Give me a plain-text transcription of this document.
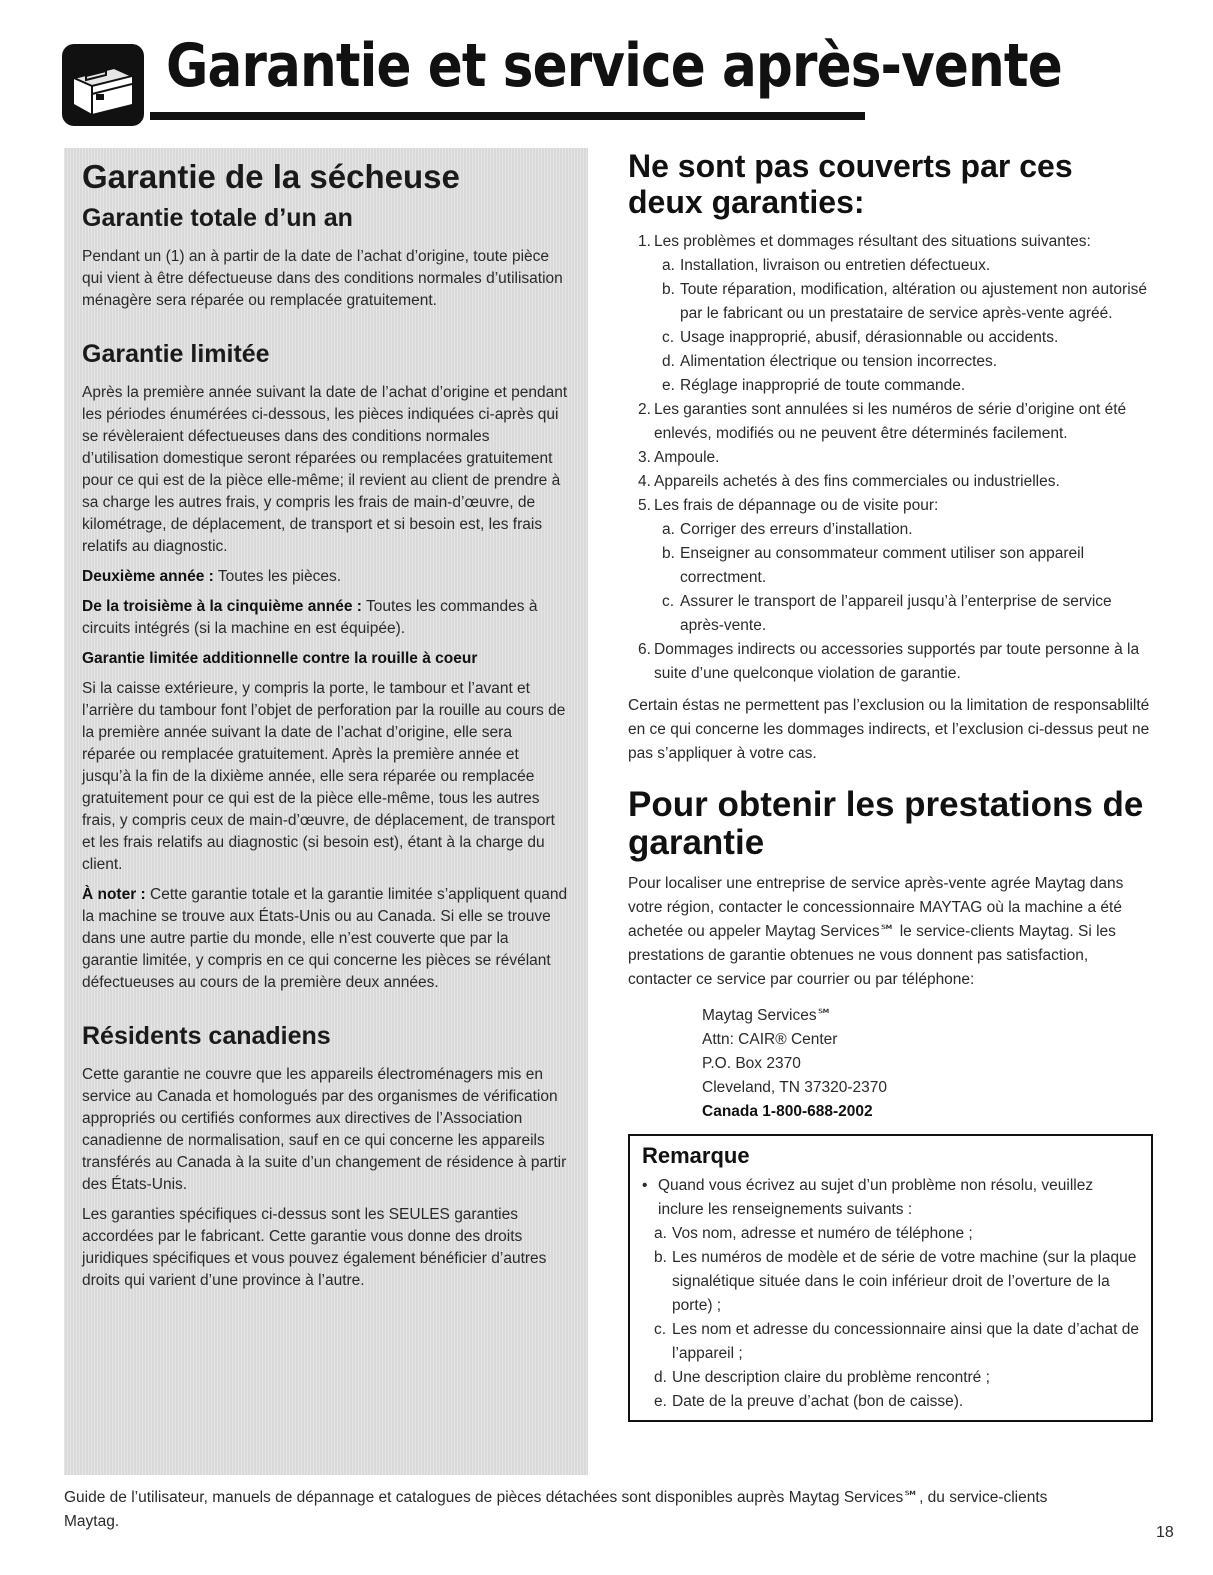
Garantie et service après-vente
Garantie de la sécheuse
Garantie totale d’un an

Pendant un (1) an à partir de la date de l’achat d’origine, toute pièce qui vient à être défectueuse dans des conditions normales d’utilisation ménagère sera réparée ou remplacée gratuitement.

Garantie limitée

Après la première année suivant la date de l’achat d’origine et pendant les périodes énumérées ci-dessous, les pièces indiquées ci-après qui se révèleraient défectueuses dans des conditions normales d’utilisation domestique seront réparées ou remplacées gratuitement pour ce qui est de la pièce elle-même; il revient au client de prendre à sa charge les autres frais, y compris les frais de main-d’œuvre, de kilométrage, de déplacement, de transport et si besoin est, les frais relatifs au diagnostic.

Deuxième année : Toutes les pièces.

De la troisième à la cinquième année : Toutes les commandes à circuits intégrés (si la machine en est équipée).

Garantie limitée additionnelle contre la rouille à coeur

Si la caisse extérieure, y compris la porte, le tambour et l’avant et l’arrière du tambour font l’objet de perforation par la rouille au cours de la première année suivant la date de l’achat d’origine, elle sera réparée ou remplacée gratuitement. Après la première année et jusqu’à la fin de la dixième année, elle sera réparée ou remplacée gratuitement pour ce qui est de la pièce elle-même, tous les autres frais, y compris ceux de main-d’œuvre, de déplacement, de transport et les frais relatifs au diagnostic (si besoin est), étant à la charge du client.

À noter : Cette garantie totale et la garantie limitée s’appliquent quand la machine se trouve aux États-Unis ou au Canada. Si elle se trouve dans une autre partie du monde, elle n’est couverte que par la garantie limitée, y compris en ce qui concerne les pièces se révélant défectueuses au cours de la première deux années.

Résidents canadiens

Cette garantie ne couvre que les appareils électroménagers mis en service au Canada et homologués par des organismes de vérification appropriés ou certifiés conformes aux directives de l’Association canadienne de normalisation, sauf en ce qui concerne les appareils transférés au Canada à la suite d’un changement de résidence à partir des États-Unis.

Les garanties spécifiques ci-dessus sont les SEULES garanties accordées par le fabricant. Cette garantie vous donne des droits juridiques spécifiques et vous pouvez également bénéficier d’autres droits qui varient d’une province à l’autre.

Ne sont pas couverts par ces deux garanties:
1. Les problèmes et dommages résultant des situations suivantes:
a. Installation, livraison ou entretien défectueux.
b. Toute réparation, modification, altération ou ajustement non autorisé par le fabricant ou un prestataire de service après-vente agréé.
c. Usage inapproprié, abusif, dérasionnable ou accidents.
d. Alimentation électrique ou tension incorrectes.
e. Réglage inapproprié de toute commande.
2. Les garanties sont annulées si les numéros de série d’origine ont été enlevés, modifiés ou ne peuvent être déterminés facilement.
3. Ampoule.
4. Appareils achetés à des fins commerciales ou industrielles.
5. Les frais de dépannage ou de visite pour:
a. Corriger des erreurs d’installation.
b. Enseigner au consommateur comment utiliser son appareil correctment.
c. Assurer le transport de l’appareil jusqu’à l’enterprise de service après-vente.
6. Dommages indirects ou accessories supportés par toute personne à la suite d’une quelconque violation de garantie.

Certain éstas ne permettent pas l’exclusion ou la limitation de responsablilté en ce qui concerne les dommages indirects, et l’exclusion ci-dessus peut ne pas s’appliquer à votre cas.

Pour obtenir les prestations de garantie

Pour localiser une entreprise de service après-vente agrée Maytag dans votre région, contacter le concessionnaire MAYTAG où la machine a été achetée ou appeler Maytag Services℠ le service-clients Maytag. Si les prestations de garantie obtenues ne vous donnent pas satisfaction, contacter ce service par courrier ou par téléphone:

Maytag Services℠
Attn: CAIR® Center
P.O. Box 2370
Cleveland, TN 37320-2370
Canada 1-800-688-2002
Remarque
• Quand vous écrivez au sujet d’un problème non résolu, veuillez inclure les renseignements suivants :
a. Vos nom, adresse et numéro de téléphone ;
b. Les numéros de modèle et de série de votre machine (sur la plaque signalétique située dans le coin inférieur droit de l’overture de la porte) ;
c. Les nom et adresse du concessionnaire ainsi que la date d’achat de l’appareil ;
d. Une description claire du problème rencontré ;
e. Date de la preuve d’achat (bon de caisse).
Guide de l’utilisateur, manuels de dépannage et catalogues de pièces détachées sont disponibles auprès Maytag Services℠, du service-clients Maytag.
18
